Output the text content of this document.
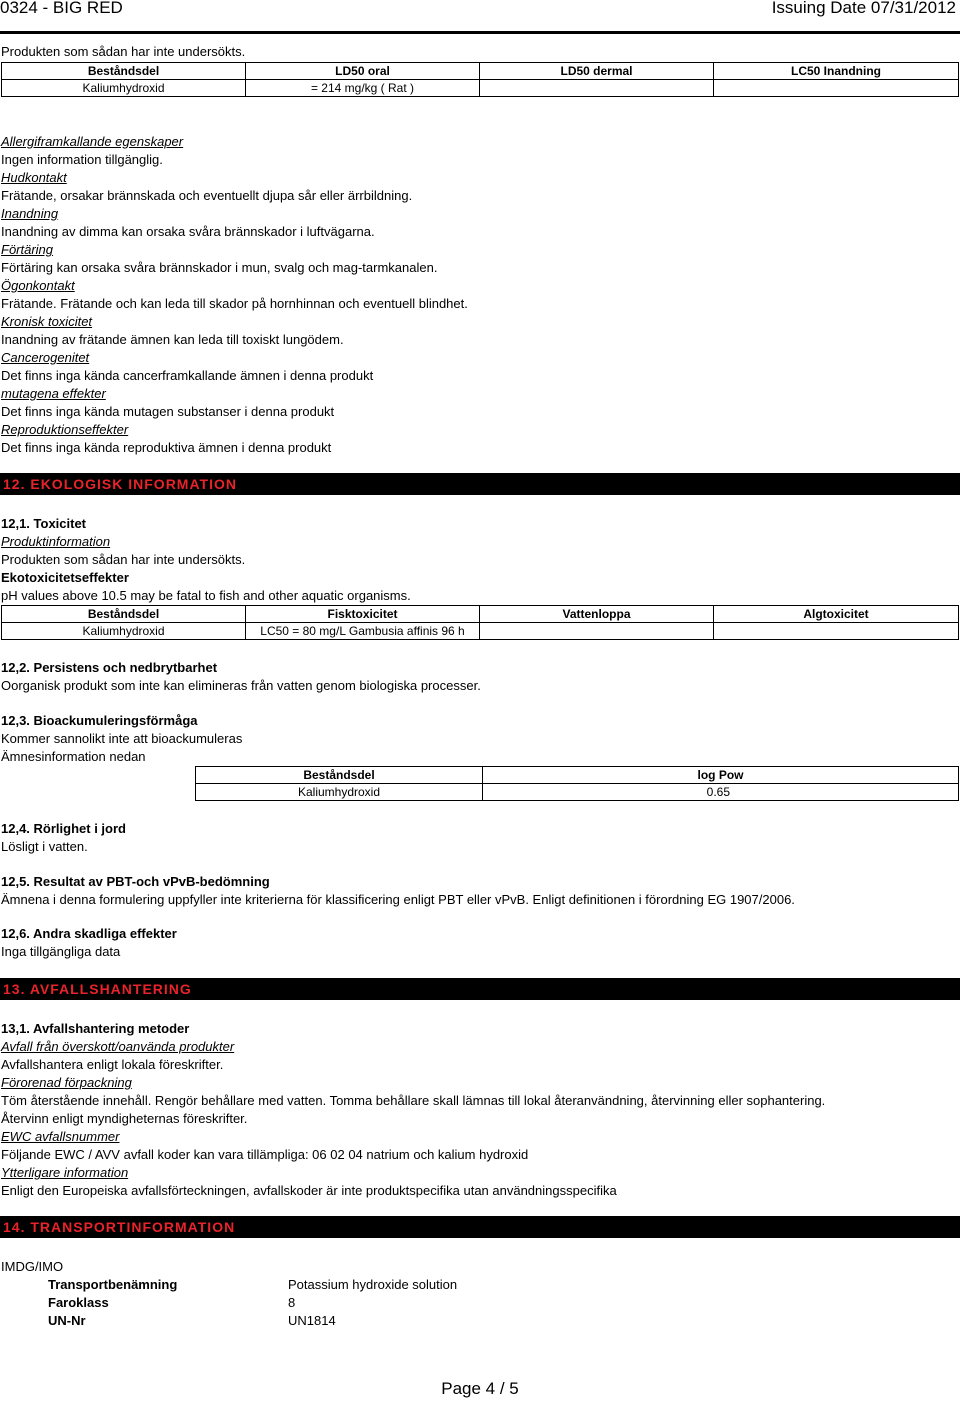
0324 - BIG RED	Issuing Date 07/31/2012
Produkten som sådan har inte undersökts.
Beståndsdel	LD50 oral	LD50 dermal	LC50 Inandning
Kaliumhydroxid	= 214 mg/kg ( Rat )		
Allergiframkallande egenskaper
Ingen information tillgänglig.
Hudkontakt
Frätande, orsakar brännskada och eventuellt djupa sår eller ärrbildning.
Inandning
Inandning av dimma kan orsaka svåra brännskador i luftvägarna.
Förtäring
Förtäring kan orsaka svåra brännskador i mun, svalg och mag-tarmkanalen.
Ögonkontakt
Frätande. Frätande och kan leda till skador på hornhinnan och eventuell blindhet.
Kronisk toxicitet
Inandning av frätande ämnen kan leda till toxiskt lungödem.
Cancerogenitet
Det finns inga kända cancerframkallande ämnen i denna produkt
mutagena effekter
Det finns inga kända mutagen substanser i denna produkt
Reproduktionseffekter
Det finns inga kända reproduktiva ämnen i denna produkt
12. EKOLOGISK INFORMATION
12,1. Toxicitet
Produktinformation
Produkten som sådan har inte undersökts.
Ekotoxicitetseffekter
pH values above 10.5 may be fatal to fish and other aquatic organisms.
Beståndsdel	Fisktoxicitet	Vattenloppa	Algtoxicitet
Kaliumhydroxid	LC50 = 80 mg/L Gambusia affinis 96 h		
12,2. Persistens och nedbrytbarhet
Oorganisk produkt som inte kan elimineras från vatten genom biologiska processer.
12,3. Bioackumuleringsförmåga
Kommer sannolikt inte att bioackumuleras
Ämnesinformation nedan
Beståndsdel	log Pow
Kaliumhydroxid	0.65
12,4. Rörlighet i jord
Lösligt i vatten.
12,5. Resultat av PBT-och vPvB-bedömning
Ämnena i denna formulering uppfyller inte kriterierna för klassificering enligt PBT eller vPvB. Enligt definitionen i förordning EG 1907/2006.
12,6. Andra skadliga effekter
Inga tillgängliga data
13. AVFALLSHANTERING
13,1. Avfallshantering metoder
Avfall från överskott/oanvända produkter
Avfallshantera enligt lokala föreskrifter.
Förorenad förpackning
Töm återstående innehåll. Rengör behållare med vatten. Tomma behållare skall lämnas till lokal återanvändning, återvinning eller sophantering.
Återvinn enligt myndigheternas föreskrifter.
EWC avfallsnummer
Följande EWC / AVV avfall koder kan vara tillämpliga: 06 02 04 natrium och kalium hydroxid
Ytterligare information
Enligt den Europeiska avfallsförteckningen, avfallskoder är inte produktspecifika utan användningsspecifika
14. TRANSPORTINFORMATION
IMDG/IMO
Transportbenämning	Potassium hydroxide solution
Faroklass	8
UN-Nr	UN1814
Page 4 / 5
